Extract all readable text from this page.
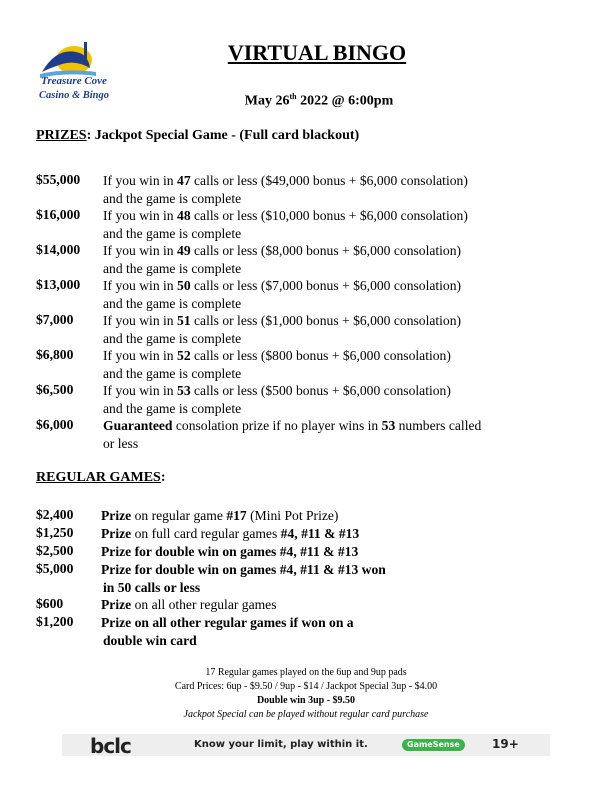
Treasure Cove
Casino & Bingo
VIRTUAL BINGO
May 26th 2022 @ 6:00pm
PRIZES: Jackpot Special Game - (Full card blackout)
$55,000 If you win in 47 calls or less ($49,000 bonus + $6,000 consolation)
and the game is complete
$16,000 If you win in 48 calls or less ($10,000 bonus + $6,000 consolation)
and the game is complete
$14,000 If you win in 49 calls or less ($8,000 bonus + $6,000 consolation)
and the game is complete
$13,000 If you win in 50 calls or less ($7,000 bonus + $6,000 consolation)
and the game is complete
$7,000 If you win in 51 calls or less ($1,000 bonus + $6,000 consolation)
and the game is complete
$6,800 If you win in 52 calls or less ($800 bonus + $6,000 consolation)
and the game is complete
$6,500 If you win in 53 calls or less ($500 bonus + $6,000 consolation)
and the game is complete
$6,000 Guaranteed consolation prize if no player wins in 53 numbers called
or less
REGULAR GAMES:
$2,400 Prize on regular game #17 (Mini Pot Prize)
$1,250 Prize on full card regular games #4, #11 & #13
$2,500 Prize for double win on games #4, #11 & #13
$5,000 Prize for double win on games #4, #11 & #13 won
in 50 calls or less
$600	Prize on all other regular games
$1,200 Prize on all other regular games if won on a
double win card
17 Regular games played on the 6up and 9up pads
Card Prices: 6up - $9.50 / 9up - $14 / Jackpot Special 3up - $4.00
Double win 3up - $9.50
Jackpot Special can be played without regular card purchase
bclc	Know your limit, play within it.	GameSense	19+
